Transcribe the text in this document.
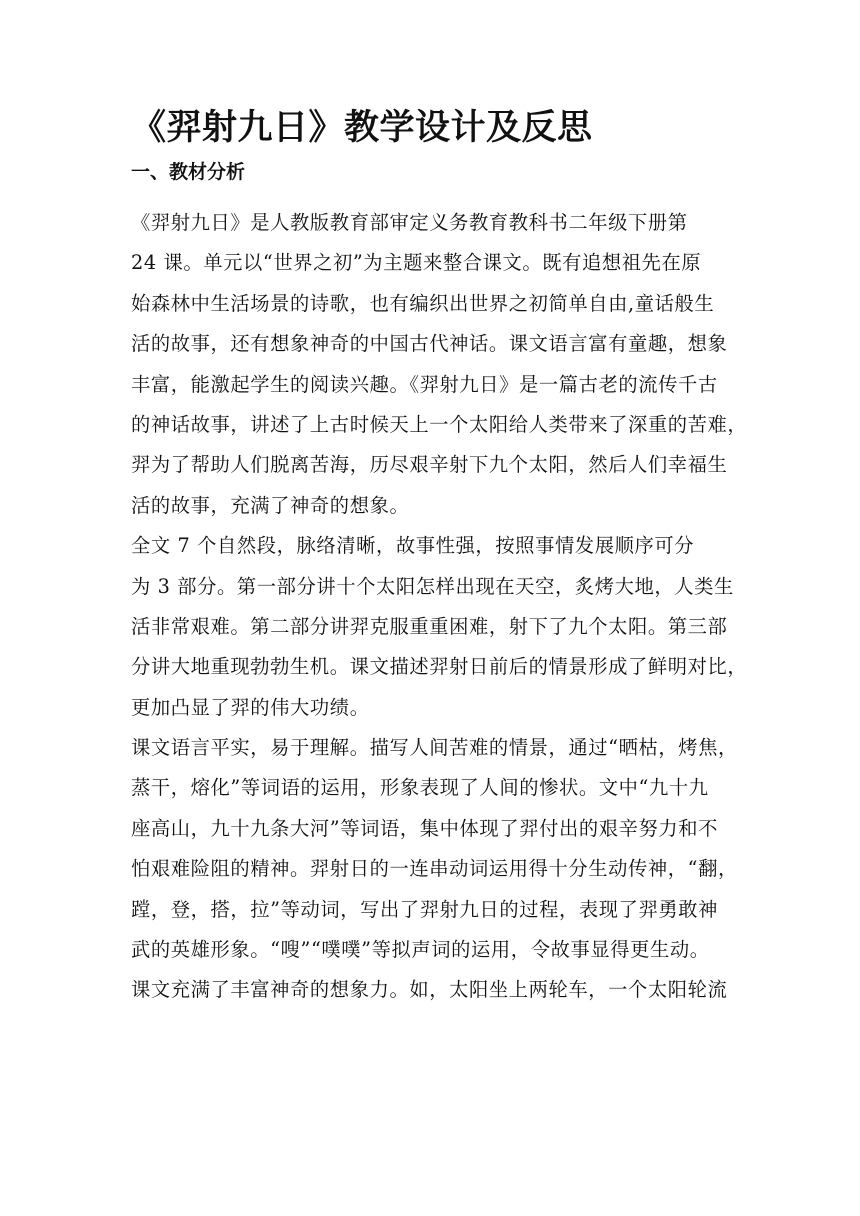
《羿射九日》教学设计及反思
一、教材分析
《羿射九日》是人教版教育部审定义务教育教科书二年级下册第
24 课。单元以“世界之初”为主题来整合课文。既有追想祖先在原
始森林中生活场景的诗歌，也有编织出世界之初简单自由,童话般生
活的故事，还有想象神奇的中国古代神话。课文语言富有童趣，想象
丰富，能激起学生的阅读兴趣。《羿射九日》是一篇古老的流传千古
的神话故事，讲述了上古时候天上一个太阳给人类带来了深重的苦难，
羿为了帮助人们脱离苦海，历尽艰辛射下九个太阳，然后人们幸福生
活的故事，充满了神奇的想象。
全文 7 个自然段，脉络清晰，故事性强，按照事情发展顺序可分
为 3 部分。第一部分讲十个太阳怎样出现在天空，炙烤大地，人类生
活非常艰难。第二部分讲羿克服重重困难，射下了九个太阳。第三部
分讲大地重现勃勃生机。课文描述羿射日前后的情景形成了鲜明对比，
更加凸显了羿的伟大功绩。
课文语言平实，易于理解。描写人间苦难的情景，通过“晒枯，烤焦，
蒸干，熔化”等词语的运用，形象表现了人间的惨状。文中“九十九
座高山，九十九条大河”等词语，集中体现了羿付出的艰辛努力和不
怕艰难险阻的精神。羿射日的一连串动词运用得十分生动传神，“翻，
蹚，登，搭，拉”等动词，写出了羿射九日的过程，表现了羿勇敢神
武的英雄形象。“嗖”“噗噗”等拟声词的运用，令故事显得更生动。
课文充满了丰富神奇的想象力。如，太阳坐上两轮车，一个太阳轮流
